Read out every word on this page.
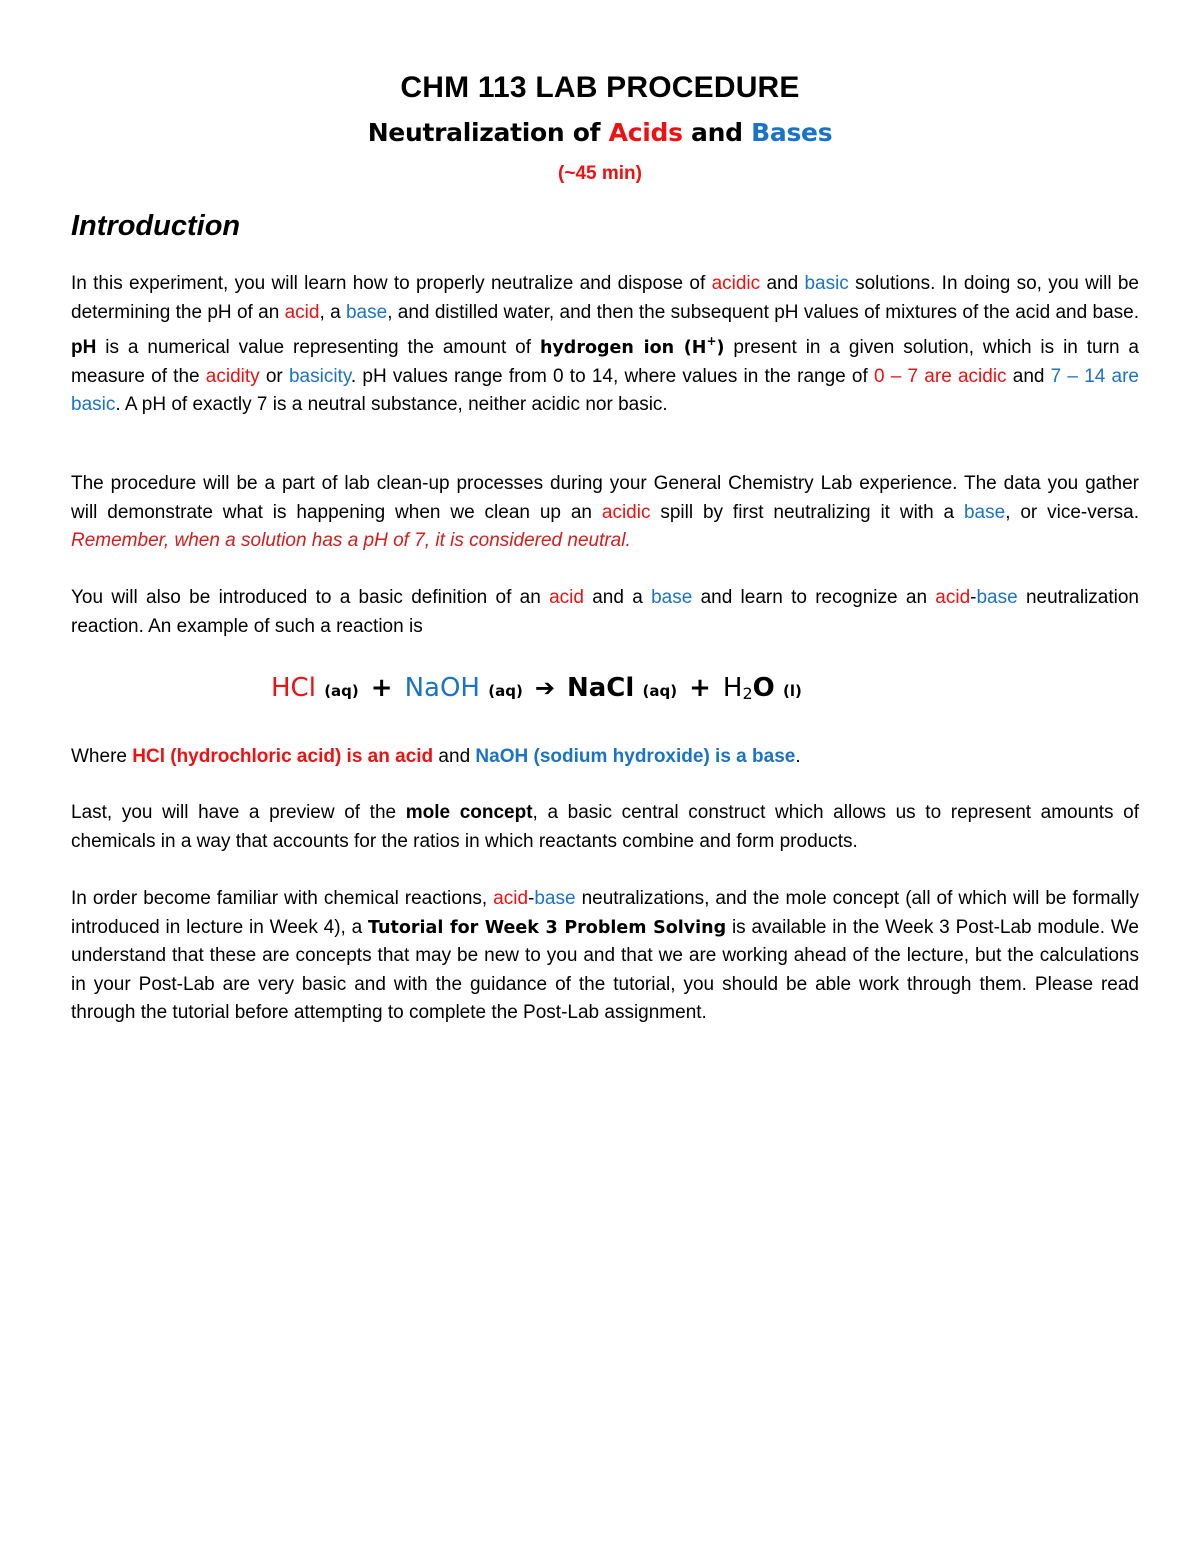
CHM 113 LAB PROCEDURE
Neutralization of Acids and Bases
(~45 min)
Introduction

In this experiment, you will learn how to properly neutralize and dispose of acidic and basic solutions. In doing so, you will be determining the pH of an acid, a base, and distilled water, and then the subsequent pH values of mixtures of the acid and base. pH is a numerical value representing the amount of hydrogen ion (H+) present in a given solution, which is in turn a measure of the acidity or basicity. pH values range from 0 to 14, where values in the range of 0 – 7 are acidic and 7 – 14 are basic. A pH of exactly 7 is a neutral substance, neither acidic nor basic.

The procedure will be a part of lab clean-up processes during your General Chemistry Lab experience. The data you gather will demonstrate what is happening when we clean up an acidic spill by first neutralizing it with a base, or vice-versa. Remember, when a solution has a pH of 7, it is considered neutral.

You will also be introduced to a basic definition of an acid and a base and learn to recognize an acid-base neutralization reaction. An example of such a reaction is

HCl (aq) + NaOH (aq) ➔ NaCl (aq) + H2O (l)

Where HCl (hydrochloric acid) is an acid and NaOH (sodium hydroxide) is a base.

Last, you will have a preview of the mole concept, a basic central construct which allows us to represent amounts of chemicals in a way that accounts for the ratios in which reactants combine and form products.

In order become familiar with chemical reactions, acid-base neutralizations, and the mole concept (all of which will be formally introduced in lecture in Week 4), a Tutorial for Week 3 Problem Solving is available in the Week 3 Post-Lab module. We understand that these are concepts that may be new to you and that we are working ahead of the lecture, but the calculations in your Post-Lab are very basic and with the guidance of the tutorial, you should be able work through them. Please read through the tutorial before attempting to complete the Post-Lab assignment.
